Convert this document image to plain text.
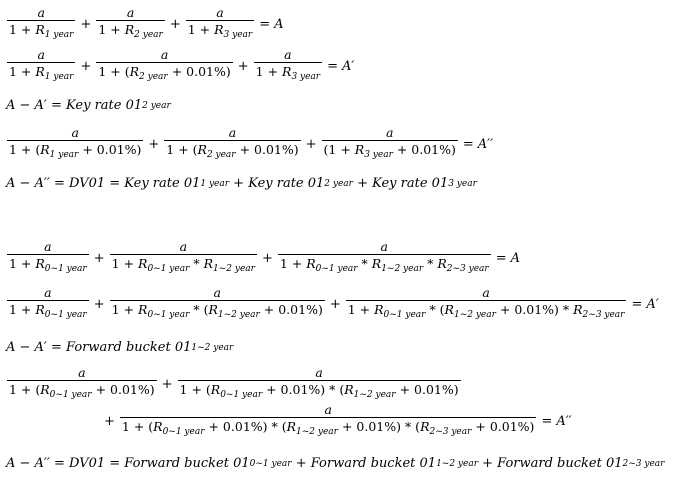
$\frac{a}{1 + R_{1 year}} + \frac{a}{1 + R_{2 year}} + \frac{a}{1 + R_{3 year}} = A$
$\frac{a}{1 + R_{1 year}} + \frac{a}{1 + (R_{2 year} + 0.01\%)} + \frac{a}{1 + R_{3 year}} = A'$
A − A′ = Key rate 01 2 year
$\frac{a}{1 + (R_{1 year} + 0.01\%)} + \frac{a}{1 + (R_{2 year} + 0.01\%)} + \frac{a}{(1 + R_{3 year} + 0.01\%)} = A''$
A − A′′ = DV01 = Key rate 01 1 year + Key rate 01 2 year + Key rate 01 3 year
$\frac{a}{1 + R_{0\sim 1 year}} + \frac{a}{1 + R_{0\sim 1 year} * R_{1\sim 2 year}} + \frac{a}{1 + R_{0\sim 1 year} * R_{1\sim 2 year} * R_{2\sim 3 year}} = A$
$\frac{a}{1 + R_{0\sim 1 year}} + \frac{a}{1 + R_{0\sim 1 year} * (R_{1\sim 2 year} + 0.01\%)} + \frac{a}{1 + R_{0\sim 1 year} * (R_{1\sim 2 year} + 0.01\%) * R_{2\sim 3 year}} = A'$
A − A′ = Forward bucket 01 1~2 year
$\frac{a}{1 + (R_{0\sim 1 year} + 0.01\%)} + \frac{a}{1 + (R_{0\sim 1 year} + 0.01\%) * (R_{1\sim 2 year} + 0.01\%)}$
+
a
$1 + (R_{0\sim 1 year} + 0.01\%) * (R_{1\sim 2 year} + 0.01\%) * (R_{2\sim 3 year} + 0.01\%) = A''$
A − A′′ = DV01 = Forward bucket 01 0~1 year + Forward bucket 01 1~2 year + Forward bucket 01 2~3 year
